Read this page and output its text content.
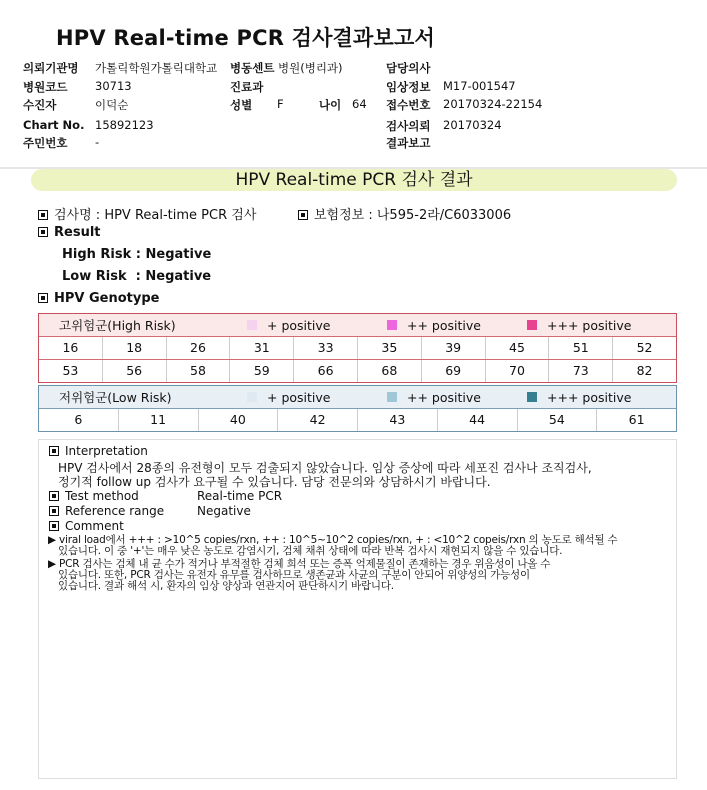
HPV Real-time PCR 검사결과보고서
의뢰기관명 가톨릭학원가톨릭대학교 병동센트 병원(병리과)	담당의사
병원코드 30713	진료과	임상정보 M17-001547
수진자	이덕순	성별 F	나이 64 접수번호 20170324-22154
Chart No. 15892123	검사의뢰 20170324
주민번호 -	결과보고
HPV Real-time PCR 검사 결과
검사명 : HPV Real-time PCR 검사	보험정보 : 나595-2라/C6033006
Result
High Risk : Negative
Low Risk  : Negative
HPV Genotype
고위험군(High Risk)	+ positive	++ positive	+++ positive
16	18	26	31	33	35	39	45	51	52
53	56	58	59	66	68	69	70	73	82
저위험군(Low Risk)	+ positive	++ positive	+++ positive
6	11	40	42	43	44	54	61
Interpretation
HPV 검사에서 28종의 유전형이 모두 검출되지 않았습니다. 임상 증상에 따라 세포진 검사나 조직검사,
정기적 follow up 검사가 요구될 수 있습니다. 담당 전문의와 상담하시기 바랍니다.
Test method	Real-time PCR
Reference range	Negative
Comment
▶ viral load에서 +++ : >10^5 copies/rxn, ++ : 10^5~10^2 copies/rxn, + : <10^2 copeis/rxn 의 농도로 해석될 수
있습니다. 이 중 '+'는 매우 낮은 농도로 감염시기, 검체 채취 상태에 따라 반복 검사시 재현되지 않을 수 있습니다.
▶ PCR 검사는 검체 내 균 수가 적거나 부적절한 검체 희석 또는 증폭 억제물질이 존재하는 경우 위음성이 나올 수
있습니다. 또한, PCR 검사는 유전자 유무를 검사하므로 생존균과 사균의 구분이 안되어 위양성의 가능성이
있습니다. 결과 해석 시, 환자의 임상 양상과 연관지어 판단하시기 바랍니다.
